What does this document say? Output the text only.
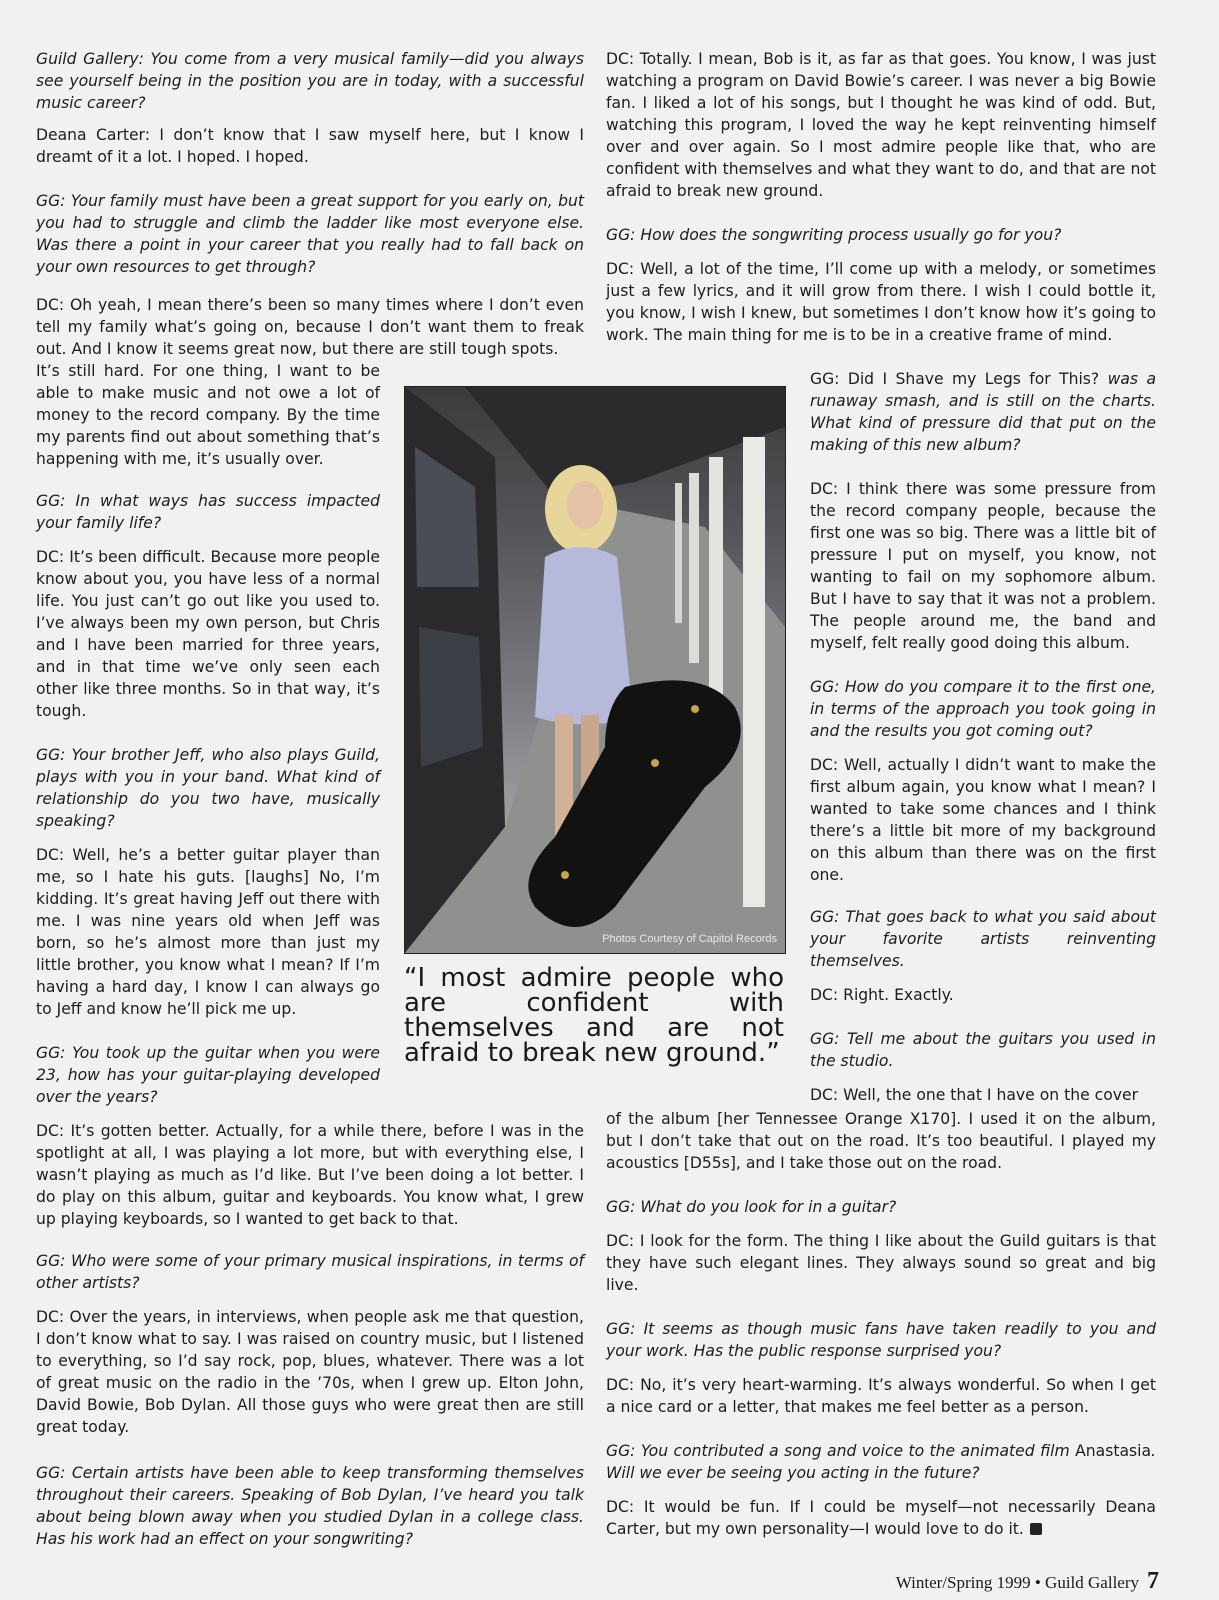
Guild Gallery: You come from a very musical family—did you always see yourself being in the position you are in today, with a successful music career?

Deana Carter: I don’t know that I saw myself here, but I know I dreamt of it a lot. I hoped. I hoped.

GG: Your family must have been a great support for you early on, but you had to struggle and climb the ladder like most everyone else. Was there a point in your career that you really had to fall back on your own resources to get through?

DC: Oh yeah, I mean there’s been so many times where I don’t even tell my family what’s going on, because I don’t want them to freak out. And I know it seems great now, but there are still tough spots.

It’s still hard. For one thing, I want to be able to make music and not owe a lot of money to the record company. By the time my parents find out about something that’s happening with me, it’s usually over.

GG: In what ways has success impacted your family life?

DC: It’s been difficult. Because more people know about you, you have less of a normal life. You just can’t go out like you used to. I’ve always been my own person, but Chris and I have been married for three years, and in that time we’ve only seen each other like three months. So in that way, it’s tough.

GG: Your brother Jeff, who also plays Guild, plays with you in your band. What kind of relationship do you two have, musically speaking?

DC: Well, he’s a better guitar player than me, so I hate his guts. [laughs] No, I’m kidding. It’s great having Jeff out there with me. I was nine years old when Jeff was born, so he’s almost more than just my little brother, you know what I mean? If I’m having a hard day, I know I can always go to Jeff and know he’ll pick me up.

GG: You took up the guitar when you were 23, how has your guitar-playing developed over the years?

DC: It’s gotten better. Actually, for a while there, before I was in the spotlight at all, I was playing a lot more, but with everything else, I wasn’t playing as much as I’d like. But I’ve been doing a lot better. I do play on this album, guitar and keyboards. You know what, I grew up playing keyboards, so I wanted to get back to that.

GG: Who were some of your primary musical inspirations, in terms of other artists?

DC: Over the years, in interviews, when people ask me that question, I don’t know what to say. I was raised on country music, but I listened to everything, so I’d say rock, pop, blues, whatever. There was a lot of great music on the radio in the ’70s, when I grew up. Elton John, David Bowie, Bob Dylan. All those guys who were great then are still great today.

GG: Certain artists have been able to keep transforming themselves throughout their careers. Speaking of Bob Dylan, I’ve heard you talk about being blown away when you studied Dylan in a college class. Has his work had an effect on your songwriting?

DC: Totally. I mean, Bob is it, as far as that goes. You know, I was just watching a program on David Bowie’s career. I was never a big Bowie fan. I liked a lot of his songs, but I thought he was kind of odd. But, watching this program, I loved the way he kept reinventing himself over and over again. So I most admire people like that, who are confident with themselves and what they want to do, and that are not afraid to break new ground.

GG: How does the songwriting process usually go for you?

DC: Well, a lot of the time, I’ll come up with a melody, or sometimes just a few lyrics, and it will grow from there. I wish I could bottle it, you know, I wish I knew, but sometimes I don’t know how it’s going to work. The main thing for me is to be in a creative frame of mind.

GG: Did I Shave my Legs for This? was a runaway smash, and is still on the charts. What kind of pressure did that put on the making of this new album?

DC: I think there was some pressure from the record company people, because the first one was so big. There was a little bit of pressure I put on myself, you know, not wanting to fail on my sophomore album. But I have to say that it was not a problem. The people around me, the band and myself, felt really good doing this album.

GG: How do you compare it to the first one, in terms of the approach you took going in and the results you got coming out?

DC: Well, actually I didn’t want to make the first album again, you know what I mean? I wanted to take some chances and I think there’s a little bit more of my background on this album than there was on the first one.

GG: That goes back to what you said about your favorite artists reinventing themselves.

DC: Right. Exactly.

GG: Tell me about the guitars you used in the studio.

DC: Well, the one that I have on the cover

of the album [her Tennessee Orange X170]. I used it on the album, but I don’t take that out on the road. It’s too beautiful. I played my acoustics [D55s], and I take those out on the road.

GG: What do you look for in a guitar?

DC: I look for the form. The thing I like about the Guild guitars is that they have such elegant lines. They always sound so great and big live.

GG: It seems as though music fans have taken readily to you and your work. Has the public response surprised you?

DC: No, it’s very heart-warming. It’s always wonderful. So when I get a nice card or a letter, that makes me feel better as a person.

GG: You contributed a song and voice to the animated film Anastasia. Will we ever be seeing you acting in the future?

DC: It would be fun. If I could be myself—not necessarily Deana Carter, but my own personality—I would love to do it.

Photos Courtesy of Capitol Records

“I most admire people who are confident with themselves and are not afraid to break new ground.”

Winter/Spring 1999 • Guild Gallery 7
